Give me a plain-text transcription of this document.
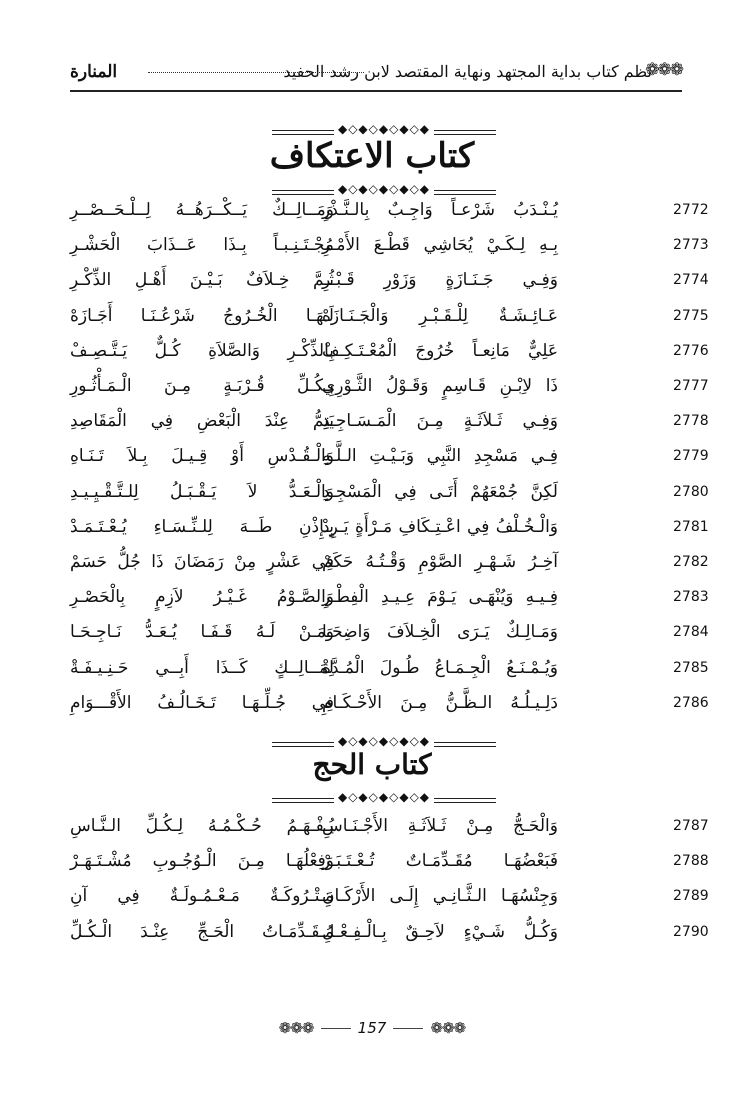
❁❁❁
نظم كتاب بداية المجتهد ونهاية المقتصد لابن رشد الحفيد
المنارة
◆◇◆◇◆◇◆◇◆
كتاب الاعتكاف
◆◇◆◇◆◇◆◇◆
2772
يُـنْـدَبُ شَرْعـاً وَاجِـبٌ بِالـنَّـذْرِ
وَمَــالِــكٌ يَــكْــرَهُــهُ لِــلْـحَــصْــرِ
2773
بِـهِ لِـكَـيْ يُحَاشِي قَطْـعَ الأَمْـرِ
مُجْـتَـنِـبـاً بِـذَا عَــذَابَ الْحَشْـرِ
2774
وَفِـي جَـنَـازَةٍ وَزَوْرِ قَـبْـرِ
ثُـمَّ خِـلاَفٌ بَـيْـنَ أَهْـلِ الذِّكْـرِ
2775
عَـائِـشَـةٌ لِلْـقَـبْـرِ وَالْجَـنَـازَهْ
لَـهَـا الْخُـرُوجُ شَرْعُـنَـا أَجَـازَهْ
2776
عَلِيٌّ مَانِعـاً خُرُوجَ الْمُعْـتَـكِـفْ
بِالذِّكْـرِ وَالصَّلاَةِ كُـلٌّ يَـتَّـصِـفْ
2777
ذَا لاِبْـنِ قَـاسِمٍ وَقَـوْلُ الثَّـوْرِي
بِـكُـلِّ قُـرْبَـةٍ مِـنَ الْـمَـأْثُـورِ
2778
وَفِـي ثَـلاَثَـةٍ مِـنَ الْمَـسَـاجِـدِ
يَتِمُّ عِنْدَ الْبَعْضِ فِي الْمَقَاصِدِ
2779
فِـي مَسْجِدِ النَّبِي وَبَـيْـتِ الـلَّـهِ
وَالْـقُـدْسِ أَوْ قِـيـلَ بِـلاَ تَـنَـاهِ
2780
لَكِنَّ جُمْعَهُمْ أَتَـى فِي الْمَسْجِـدِ
وَالْـعَـدُّ لاَ يَـقْـبَـلُ لِلـتَّـقْـيِـيـدِ
2781
وَالْـخُـلْفُ فِي اعْـتِـكَافِ مَـرْأَةٍ يَـرِدْ
بِـإِذْنِ طَــهَ لِلـنِّـسَـاءِ يُـعْـتَـمَـدْ
2782
آخِـرُ شَـهْـرِ الصَّوْمِ وَقْـتُـهُ حَكَمْ
فِي عَشْرٍ مِنْ رَمَضَانَ ذَا جُلُّ حَسَمْ
2783
فِـيـهِ وَيُنْهَـى يَـوْمَ عِـيـدِ الْفِطْـرِ
وَالصَّـوْمُ غَـيْـرُ لاَزِمٍ بِالْحَصْـرِ
2784
وَمَـالِـكٌ يَـرَى الْخِـلاَفَ وَاضِحَـا
وَمَـنْ لَـهُ قَـفَـا يُـعَـدُّ نَـاجِـحَـا
2785
وَيُـمْـنَـعُ الْجِـمَـاعُ طُـولَ الْمُـدَّةْ
لِمَــالِــكٍ كَــذَا أَبِــي حَـنِـيـفَـةْ
2786
دَلِـيـلُـهُ الـظَّـنُّ مِـنَ الأَحْـكَـامِ
فِي جُـلِّـهَـا تَـخَـالُـفُ الأَقْـــوَامِ
◆◇◆◇◆◇◆◇◆
كتاب الحج
◆◇◆◇◆◇◆◇◆
2787
وَالْحَـجُّ مِـنْ ثَـلاَثَـةِ الأَجْـنَـاسِ
يُـفْـهَـمُ حُـكْـمُـهُ لِـكُـلِّ الـنَّـاسِ
2788
فَبَعْضُهَـا مُقَـدِّمَـاتٌ تُـعْـتَـبَـرْ
وَفِعْلُهَـا مِـنَ الْـوُجُـوبِ مُشْـتَـهَـرْ
2789
وَجِنْسُهَـا الـثَّـانِـي إِلَـى الأَرْكَـانِ
مَـتْـرُوكَـةٌ مَـعْـمُـولَـةٌ فِي آنِ
2790
وَكُـلُّ شَـيْءٍ لاَحِـقٌ بِـالْـفِـعْـلِ
مُـقَـدِّمَـاتُ الْحَـجِّ عِنْـدَ الْـكُـلِّ
❁❁❁	157	❁❁❁
